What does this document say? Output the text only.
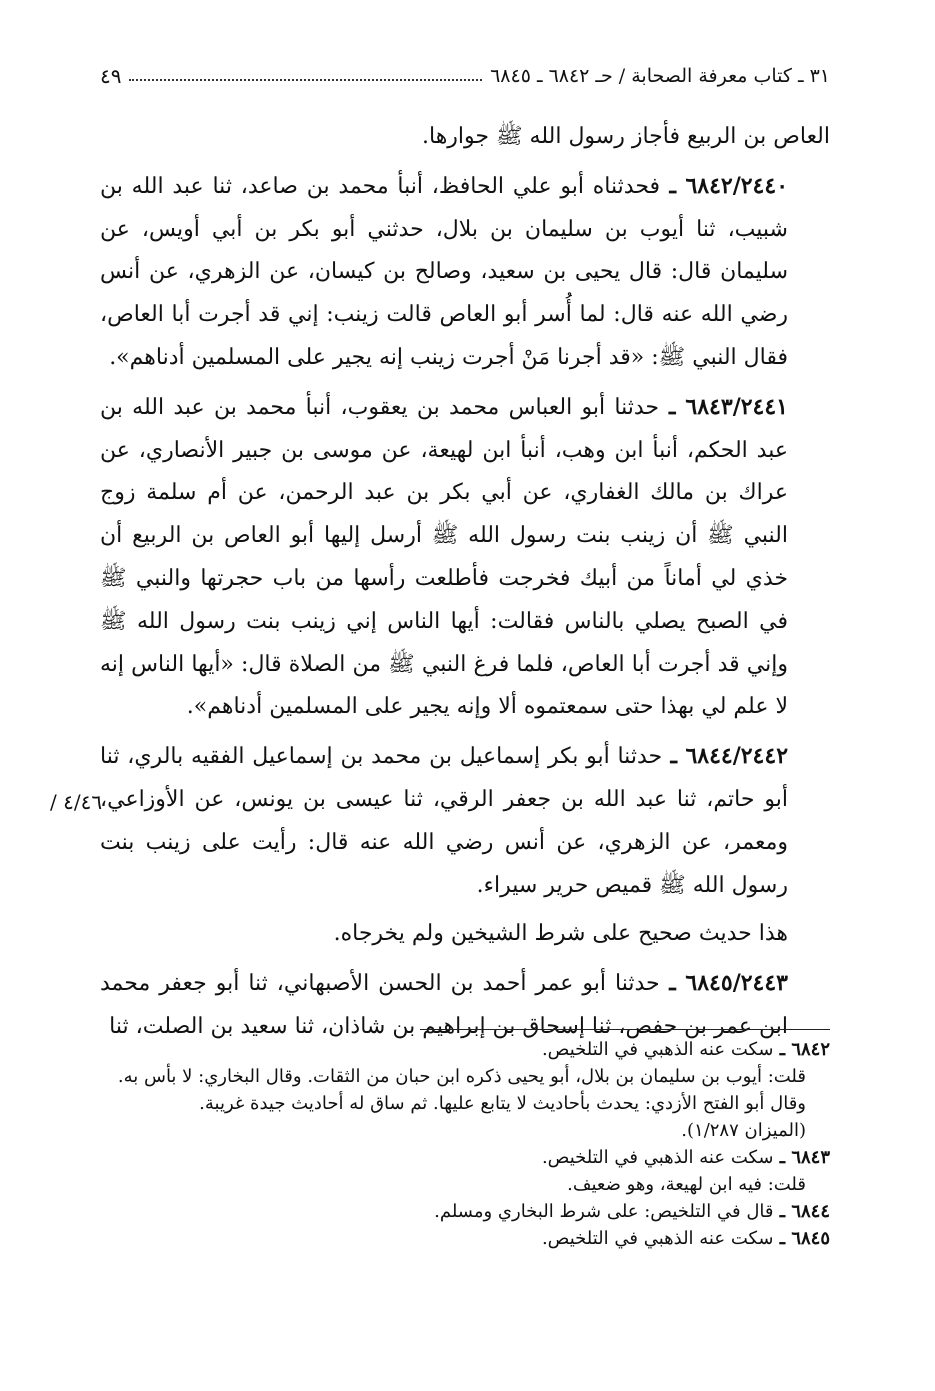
٣١ ـ كتاب معرفة الصحابة / حـ ٦٨٤٢ ـ ٦٨٤٥
٤٩

العاص بن الربيع فأجاز رسول الله ﷺ جوارها.

٦٨٤٢/٢٤٤٠ ـ فحدثناه أبو علي الحافظ، أنبأ محمد بن صاعد، ثنا عبد الله بن شبيب، ثنا أيوب بن سليمان بن بلال، حدثني أبو بكر بن أبي أويس، عن سليمان قال: قال يحيى بن سعيد، وصالح بن كيسان، عن الزهري، عن أنس رضي الله عنه قال: لما أُسر أبو العاص قالت زينب: إني قد أجرت أبا العاص، فقال النبي ﷺ: «قد أجرنا مَنْ أجرت زينب إنه يجير على المسلمين أدناهم».

٦٨٤٣/٢٤٤١ ـ حدثنا أبو العباس محمد بن يعقوب، أنبأ محمد بن عبد الله بن عبد الحكم، أنبأ ابن وهب، أنبأ ابن لهيعة، عن موسى بن جبير الأنصاري، عن عراك بن مالك الغفاري، عن أبي بكر بن عبد الرحمن، عن أم سلمة زوج النبي ﷺ أن زينب بنت رسول الله ﷺ أرسل إليها أبو العاص بن الربيع أن خذي لي أماناً من أبيك فخرجت فأطلعت رأسها من باب حجرتها والنبي ﷺ في الصبح يصلي بالناس فقالت: أيها الناس إني زينب بنت رسول الله ﷺ وإني قد أجرت أبا العاص، فلما فرغ النبي ﷺ من الصلاة قال: «أيها الناس إنه لا علم لي بهذا حتى سمعتموه ألا وإنه يجير على المسلمين أدناهم».

٦٨٤٤/٢٤٤٢ ـ حدثنا أبو بكر إسماعيل بن محمد بن إسماعيل الفقيه بالري، ثنا أبو حاتم، ثنا عبد الله بن جعفر الرقي، ثنا عيسى بن يونس، عن الأوزاعي، ومعمر، عن الزهري، عن أنس رضي الله عنه قال: رأيت على زينب بنت رسول الله ﷺ قميص حرير سيراء.

هذا حديث صحيح على شرط الشيخين ولم يخرجاه.

٦٨٤٥/٢٤٤٣ ـ حدثنا أبو عمر أحمد بن الحسن الأصبهاني، ثنا أبو جعفر محمد ابن عمر بن حفص، ثنا إسحاق بن إبراهيم بن شاذان، ثنا سعيد بن الصلت، ثنا

٤/٤٦ /

٦٨٤٢ ـ سكت عنه الذهبي في التلخيص.

قلت: أيوب بن سليمان بن بلال، أبو يحيى ذكره ابن حبان من الثقات. وقال البخاري: لا بأس به.

وقال أبو الفتح الأزدي: يحدث بأحاديث لا يتابع عليها. ثم ساق له أحاديث جيدة غريبة.

(الميزان ١/٢٨٧).

٦٨٤٣ ـ سكت عنه الذهبي في التلخيص.

قلت: فيه ابن لهيعة، وهو ضعيف.

٦٨٤٤ ـ قال في التلخيص: على شرط البخاري ومسلم.

٦٨٤٥ ـ سكت عنه الذهبي في التلخيص.
